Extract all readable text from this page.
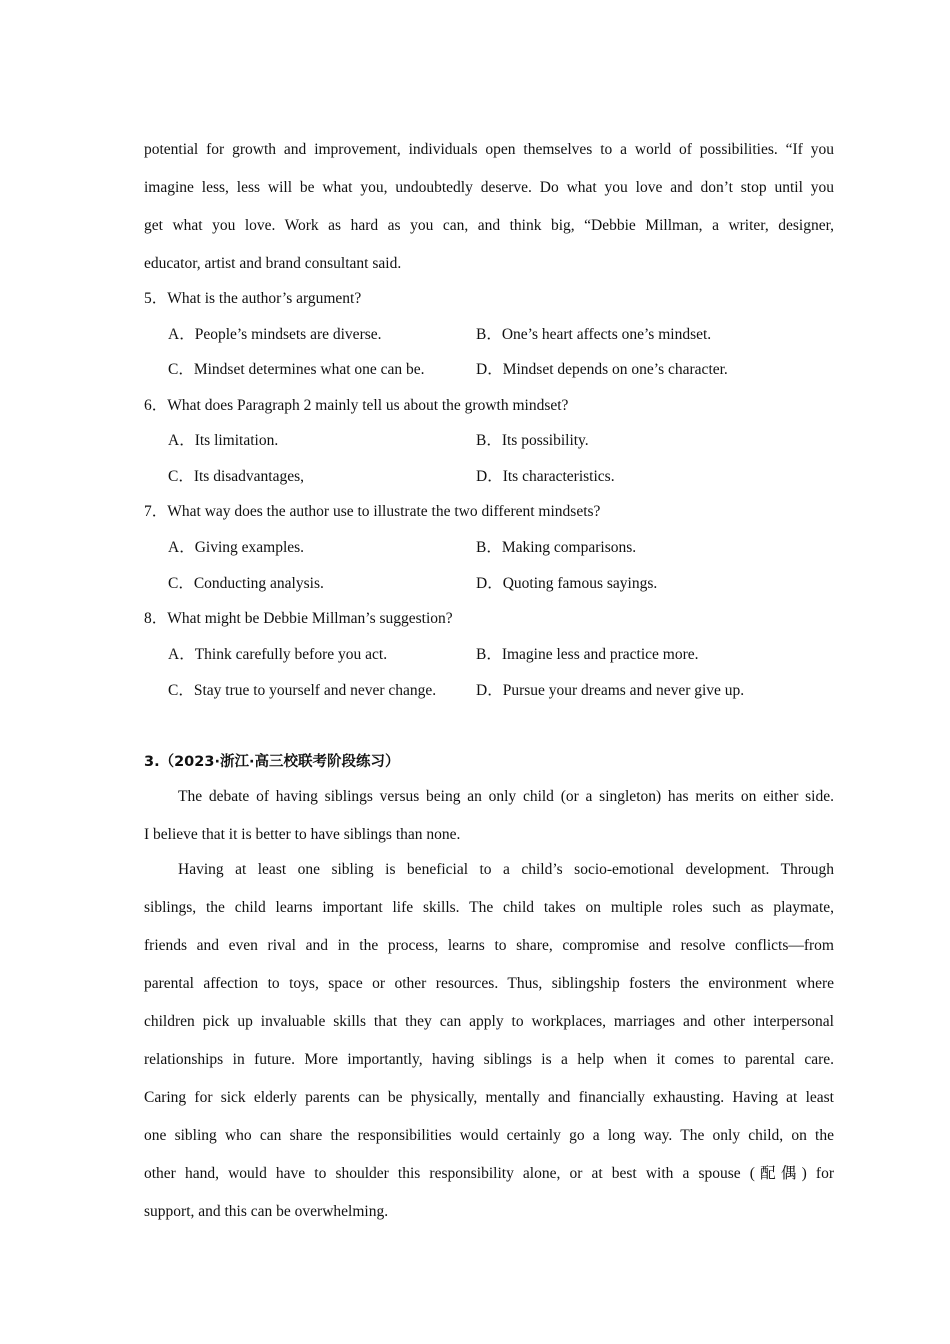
potential for growth and improvement, individuals open themselves to a world of possibilities. “If you
imagine less, less will be what you, undoubtedly deserve. Do what you love and don’t stop until you
get what you love. Work as hard as you can, and think big, “Debbie Millman, a writer, designer,
educator, artist and brand consultant said.
5．What is the author’s argument?
A．People’s mindsets are diverse.	B．One’s heart affects one’s mindset.
C．Mindset determines what one can be.	D．Mindset depends on one’s character.
6．What does Paragraph 2 mainly tell us about the growth mindset?
A．Its limitation.	B．Its possibility.
C．Its disadvantages,	D．Its characteristics.
7．What way does the author use to illustrate the two different mindsets?
A．Giving examples.	B．Making comparisons.
C．Conducting analysis.	D．Quoting famous sayings.
8．What might be Debbie Millman’s suggestion?
A．Think carefully before you act.	B．Imagine less and practice more.
C．Stay true to yourself and never change.	D．Pursue your dreams and never give up.
3.（2023·浙江·高三校联考阶段练习）
The debate of having siblings versus being an only child (or a singleton) has merits on either side.
I believe that it is better to have siblings than none.
Having at least one sibling is beneficial to a child’s socio-emotional development. Through
siblings, the child learns important life skills. The child takes on multiple roles such as playmate,
friends and even rival and in the process, learns to share, compromise and resolve conflicts—from
parental affection to toys, space or other resources. Thus, siblingship fosters the environment where
children pick up invaluable skills that they can apply to workplaces, marriages and other interpersonal
relationships in future. More importantly, having siblings is a help when it comes to parental care.
Caring for sick elderly parents can be physically, mentally and financially exhausting. Having at least
one sibling who can share the responsibilities would certainly go a long way. The only child, on the
other hand, would have to shoulder this responsibility alone, or at best with a spouse (配偶) for
support, and this can be overwhelming.
